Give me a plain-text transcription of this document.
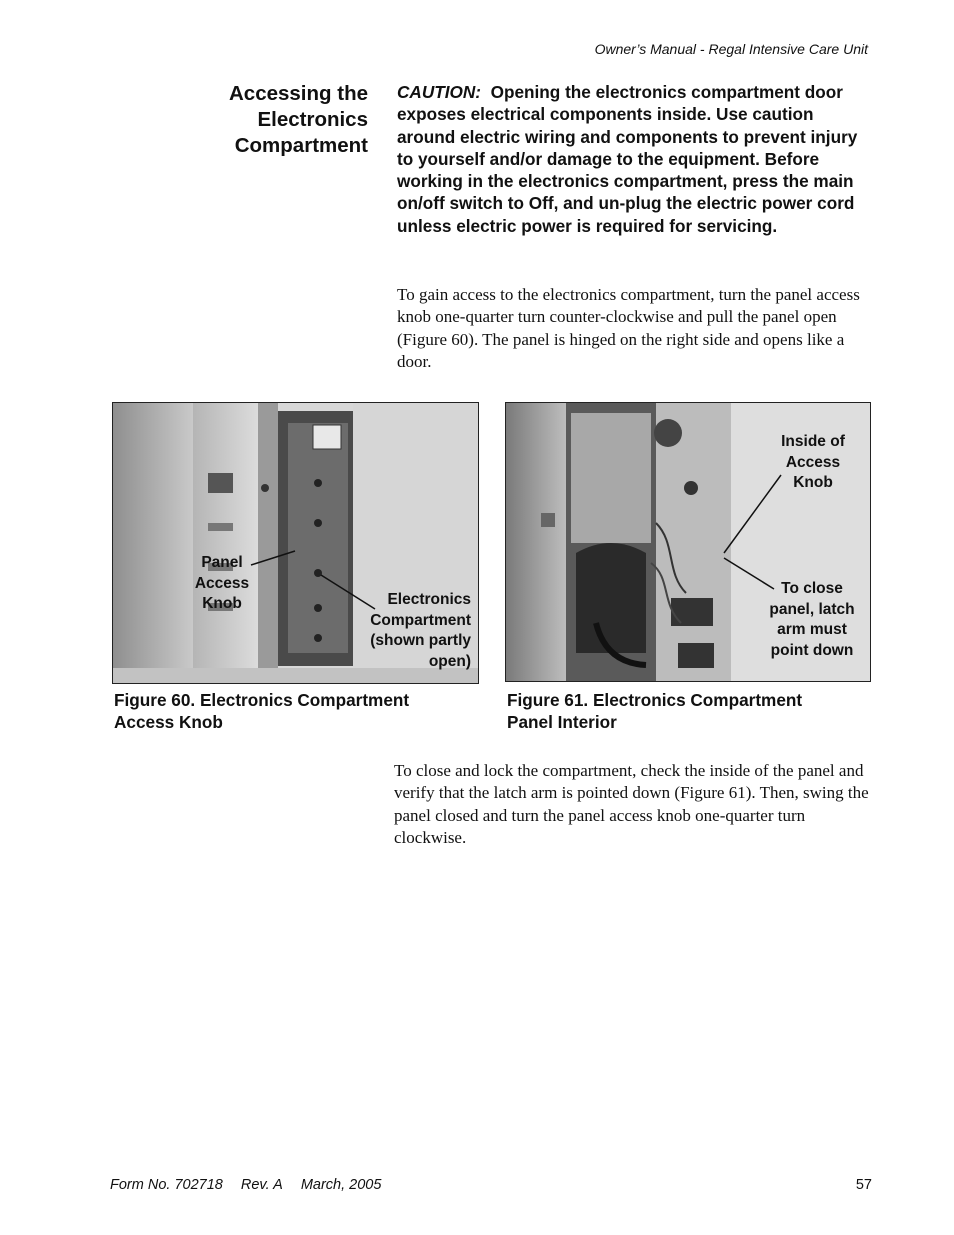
Owner’s Manual - Regal Intensive Care Unit
Accessing the
Electronics
Compartment
CAUTION: Opening the electronics compartment door exposes electrical components inside. Use caution around electric wiring and components to prevent injury to yourself and/or damage to the equipment. Before working in the electronics compartment, press the main on/off switch to Off, and un-plug the electric power cord unless electric power is required for servicing.
To gain access to the electronics compartment, turn the panel access knob one-quarter turn counter-clockwise and pull the panel open (Figure 60). The panel is hinged on the right side and opens like a door.
Panel
Access
Knob	Electronics
Compartment
(shown partly
open)
Inside of
Access
Knob
To close
panel, latch
arm must
point down
Figure 60. Electronics Compartment
Access Knob
Figure 61. Electronics Compartment
Panel Interior
To close and lock the compartment, check the inside of the panel and verify that the latch arm is pointed down (Figure 61). Then, swing the panel closed and turn the panel access knob one-quarter turn clockwise.
Form No. 702718 Rev. A March, 2005	57
